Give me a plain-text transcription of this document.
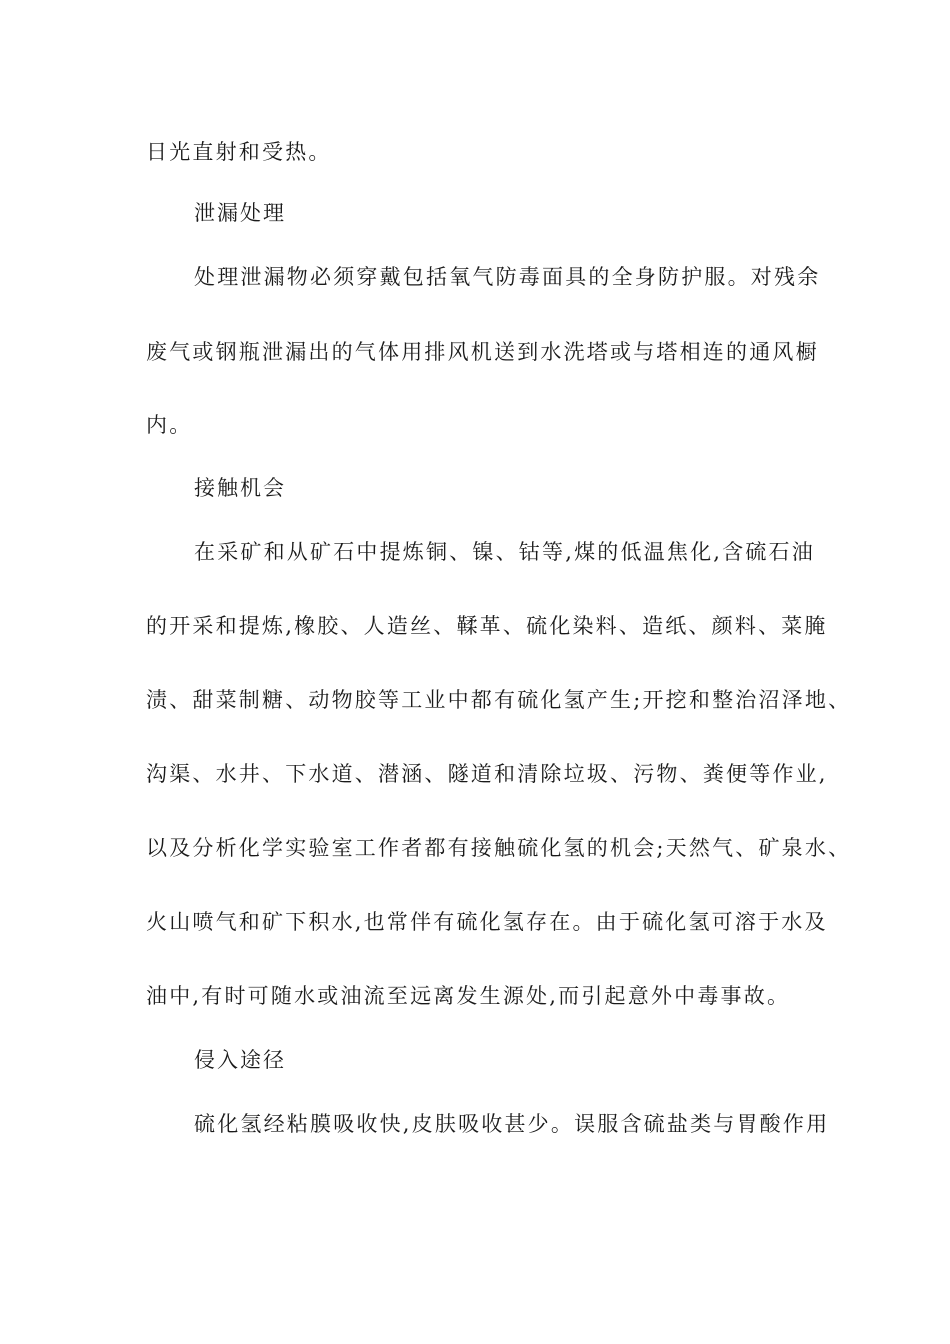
日光直射和受热。
泄漏处理
处理泄漏物必须穿戴包括氧气防毒面具的全身防护服。对残余
废气或钢瓶泄漏出的气体用排风机送到水洗塔或与塔相连的通风橱
内。
接触机会
在采矿和从矿石中提炼铜、镍、钴等,煤的低温焦化,含硫石油
的开采和提炼,橡胶、人造丝、鞣革、硫化染料、造纸、颜料、菜腌
渍、甜菜制糖、动物胶等工业中都有硫化氢产生;开挖和整治沼泽地、
沟渠、水井、下水道、潜涵、隧道和清除垃圾、污物、粪便等作业,
以及分析化学实验室工作者都有接触硫化氢的机会;天然气、矿泉水、
火山喷气和矿下积水,也常伴有硫化氢存在。由于硫化氢可溶于水及
油中,有时可随水或油流至远离发生源处,而引起意外中毒事故。
侵入途径
硫化氢经粘膜吸收快,皮肤吸收甚少。误服含硫盐类与胃酸作用
